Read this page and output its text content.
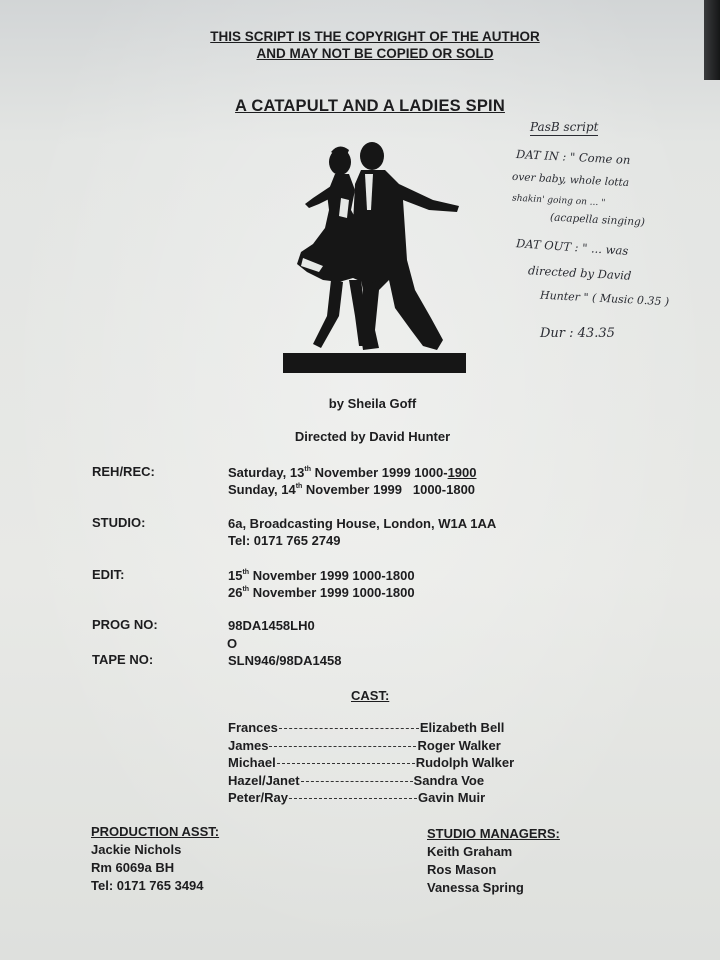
THIS SCRIPT IS THE COPYRIGHT OF THE AUTHOR
AND MAY NOT BE COPIED OR SOLD
A CATAPULT AND A LADIES SPIN
by Sheila Goff
Directed by David Hunter
REH/REC:	Saturday, 13th November 1999 1000-1900
Sunday, 14th November 1999   1000-1800
STUDIO:	6a, Broadcasting House, London, W1A 1AA
Tel: 0171 765 2749
EDIT:	15th November 1999 1000-1800
26th November 1999 1000-1800
PROG NO:	98DA1458LH0
O
TAPE NO:	SLN946/98DA1458
CAST:
Frances	Elizabeth Bell
James	Roger Walker
Michael	Rudolph Walker
Hazel/Janet	Sandra Voe
Peter/Ray	Gavin Muir
PRODUCTION ASST:
Jackie Nichols
Rm 6069a BH
Tel: 0171 765 3494
STUDIO MANAGERS:
Keith Graham
Ros Mason
Vanessa Spring
PasB script
DAT IN : " Come on
over baby, whole lotta
shakin' going on ... "
(acapella singing)
DAT OUT : " ... was
directed by David
Hunter " ( Music 0.35 )
Dur : 43.35
